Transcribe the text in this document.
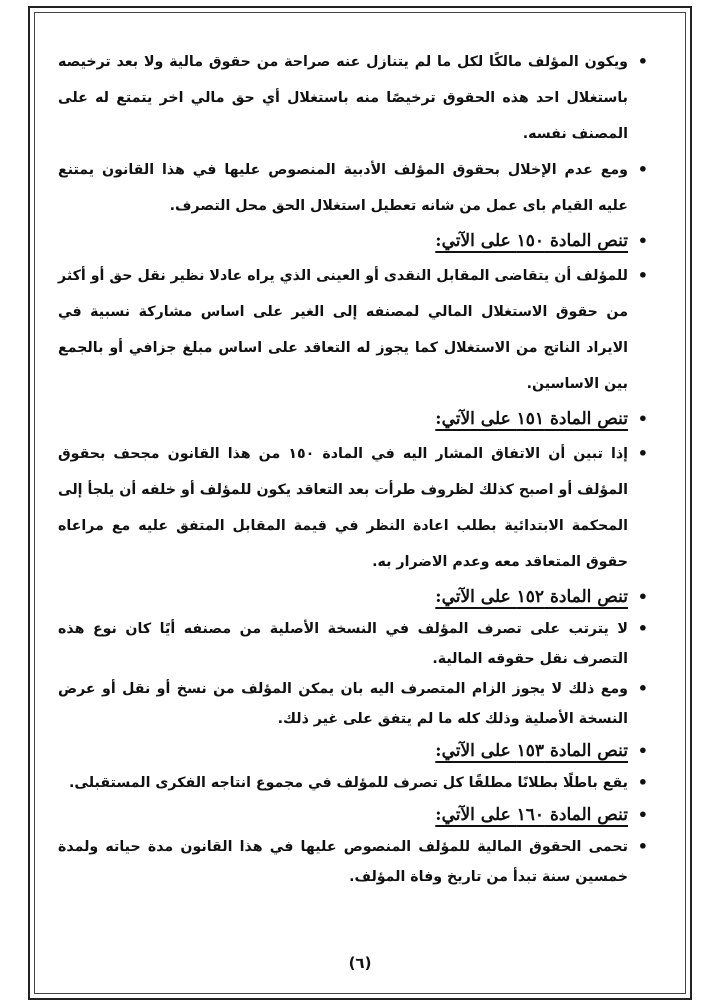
• ويكون المؤلف مالكًا لكل ما لم يتنازل عنه صراحة من حقوق مالية ولا بعد ترخيصه باستغلال احد هذه الحقوق ترخيصًا منه باستغلال أي حق مالي اخر يتمتع له على المصنف نفسه.

• ومع عدم الإخلال بحقوق المؤلف الأدبية المنصوص عليها في هذا القانون يمتنع عليه القيام باى عمل من شانه تعطيل استغلال الحق محل التصرف.

• تنص المادة ١٥٠ على الآتي:

• للمؤلف أن يتقاضى المقابل النقدى أو العينى الذي يراه عادلا نظير نقل حق أو أكثر من حقوق الاستغلال المالي لمصنفه إلى الغير على اساس مشاركة نسبية في الايراد الناتج من الاستغلال كما يجوز له التعاقد على اساس مبلغ جزافي أو بالجمع بين الاساسين.

• تنص المادة ١٥١ على الآتي:

• إذا تبين أن الاتفاق المشار اليه في المادة ١٥٠ من هذا القانون مجحف بحقوق المؤلف أو اصبح كذلك لظروف طرأت بعد التعاقد يكون للمؤلف أو خلفه أن يلجأ إلى المحكمة الابتدائية بطلب اعادة النظر في قيمة المقابل المتفق عليه مع مراعاه حقوق المتعاقد معه وعدم الاضرار به.

• تنص المادة ١٥٢ على الآتي:

• لا يترتب على تصرف المؤلف في النسخة الأصلية من مصنفه أيًا كان نوع هذه التصرف نقل حقوقه المالية.

• ومع ذلك لا يجوز الزام المتصرف اليه بان يمكن المؤلف من نسخ أو نقل أو عرض النسخة الأصلية وذلك كله ما لم يتفق على غير ذلك.

• تنص المادة ١٥٣ على الآتي:

• يقع باطلًا بطلانًا مطلقًا كل تصرف للمؤلف في مجموع انتاجه الفكرى المستقبلى.

• تنص المادة ١٦٠ على الآتي:

• تحمى الحقوق المالية للمؤلف المنصوص عليها في هذا القانون مدة حياته ولمدة خمسين سنة تبدأ من تاريخ وفاة المؤلف.

(٦)
